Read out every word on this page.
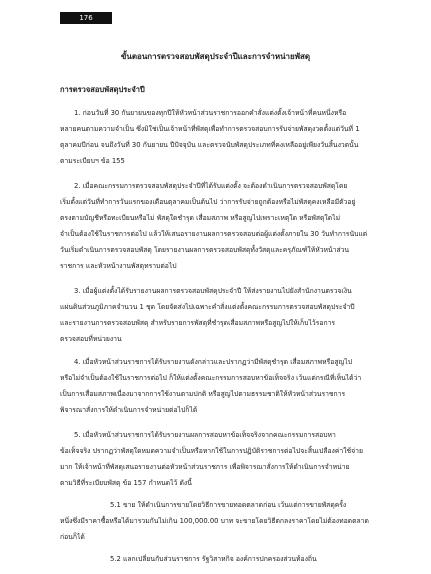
176
ขั้นตอนการตรวจสอบพัสดุประจำปีและการจำหน่ายพัสดุ
การตรวจสอบพัสดุประจำปี

1. ก่อนวันที่ 30 กันยายนของทุกปีให้หัวหน้าส่วนราชการออกคำสั่งแต่งตั้งเจ้าหน้าที่คนหนึ่งหรือ
หลายคนตามความจำเป็น ซึ่งมิใช่เป็นเจ้าหน้าที่พัสดุเพื่อทำการตรวจสอบการรับจ่ายพัสดุงวดตั้งแต่วันที่ 1
ตุลาคมปีก่อน จนถึงวันที่ 30 กันยายน ปีปัจจุบัน และตรวจนับพัสดุประเภทที่คงเหลืออยู่เพียงวันสิ้นงวดนั้น
ตามระเบียบฯ ข้อ 155

2. เมื่อคณะกรรมการตรวจสอบพัสดุประจำปีที่ได้รับแต่งตั้ง จะต้องดำเนินการตรวจสอบพัสดุโดย
เริ่มตั้งแต่วันที่ทำการวันแรกของเดือนตุลาคมเป็นต้นไป ว่าการรับจ่ายถูกต้องหรือไม่พัสดุคงเหลือมีตัวอยู่
ตรงตามบัญชีหรือทะเบียนหรือไม่ พัสดุใดชำรุด เสื่อมสภาพ หรือสูญไปเพราะเหตุใด หรือพัสดุใดไม่
จำเป็นต้องใช้ในราชการต่อไป แล้วให้เสนอรายงานผลการตรวจสอบต่อผู้แต่งตั้งภายใน 30 วันทำการนับแต่
วันเริ่มดำเนินการตรวจสอบพัสดุ โดยรายงานผลการตรวจสอบพัสดุทั้งวัสดุและครุภัณฑ์ให้หัวหน้าส่วน
ราชการ และหัวหน้างานพัสดุทราบต่อไป

3. เมื่อผู้แต่งตั้งได้รับรายงานผลการตรวจสอบพัสดุประจำปี ให้ส่งรายงานไปยังสำนักงานตรวจเงิน
แผ่นดินส่วนภูมิภาคจำนวน 1 ชุด โดยจัดส่งไปเฉพาะคำสั่งแต่งตั้งคณะกรรมการตรวจสอบพัสดุประจำปี
และรายงานการตรวจสอบพัสดุ สำหรับรายการพัสดุที่ชำรุดเสื่อมสภาพหรือสูญไปให้เก็บไว้รอการ
ตรวจสอบที่หน่วยงาน

4. เมื่อหัวหน้าส่วนราชการได้รับรายงานดังกล่าวและปรากฏว่ามีพัสดุชำรุด เสื่อมสภาพหรือสูญไป
หรือไม่จำเป็นต้องใช้ในราชการต่อไป ก็ให้แต่งตั้งคณะกรรมการสอบหาข้อเท็จจริง เว้นแต่กรณีที่เห็นได้ว่า
เป็นการเสื่อมสภาพเนื่องมาจากการใช้งานตามปกติ หรือสูญไปตามธรรมชาติให้หัวหน้าส่วนราชการ
พิจารณาสั่งการให้ดำเนินการจำหน่ายต่อไปก็ได้

5. เมื่อหัวหน้าส่วนราชการได้รับรายงานผลการสอบหาข้อเท็จจริงจากคณะกรรมการสอบหา
ข้อเท็จจริง ปรากฏว่าพัสดุใดหมดความจำเป็นหรือหากใช้ในการปฏิบัติราชการต่อไปจะสิ้นเปลืองค่าใช้จ่าย
มาก ให้เจ้าหน้าที่พัสดุเสนอรายงานต่อหัวหน้าส่วนราชการ เพื่อพิจารณาสั่งการให้ดำเนินการจำหน่าย
ตามวิธีที่ระเบียบพัสดุ ข้อ 157 กำหนดไว้ ดังนี้

5.1 ขาย ให้ดำเนินการขายโดยวิธีการขายทอดตลาดก่อน เว้นแต่การขายพัสดุครั้ง
หนึ่งซึ่งมีราคาซื้อหรือได้มารวมกันไม่เกิน 100,000.00 บาท จะขายโดยวิธีตกลงราคาโดยไม่ต้องทอดตลาด
ก่อนก็ได้

5.2 แลกเปลี่ยนกับส่วนราชการ รัฐวิสาหกิจ องค์การปกครองส่วนท้องถิ่น
